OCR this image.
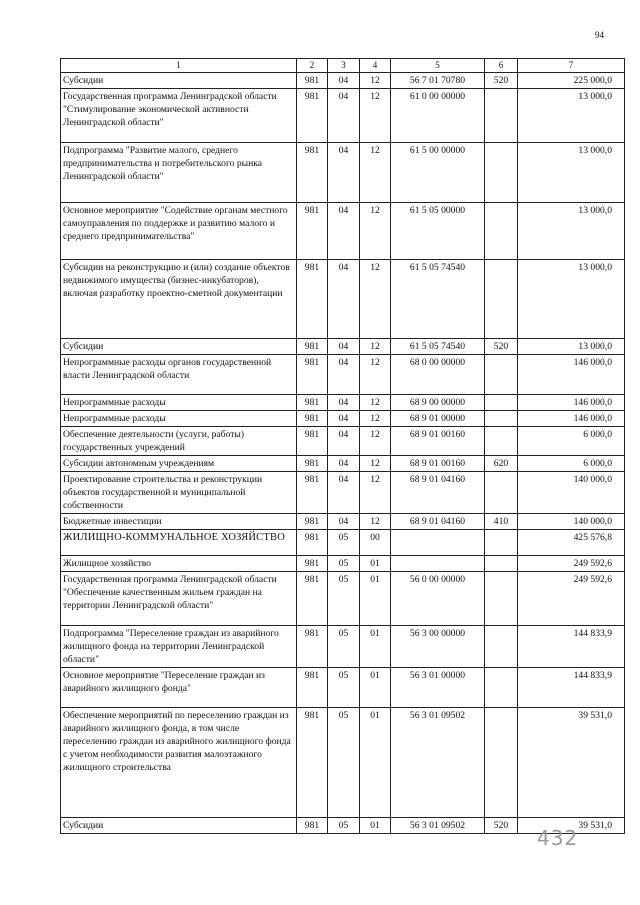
94
1	2	3	4	5	6	7
Субсидии	981	04	12	56 7 01 70780	520	225 000,0
Государственная программа Ленинградской области "Стимулирование экономической активности Ленинградской области"	981	04	12	61 0 00 00000		13 000,0
Подпрограмма "Развитие малого, среднего предпринимательства и потребительского рынка Ленинградской области"	981	04	12	61 5 00 00000		13 000,0
Основное мероприятие "Содействие органам местного самоуправления по поддержке и развитию малого и среднего предпринимательства"	981	04	12	61 5 05 00000		13 000,0
Субсидии на реконструкцию и (или) создание объектов недвижимого имущества (бизнес-инкубаторов), включая разработку проектно-сметной документации	981	04	12	61 5 05 74540		13 000,0
Субсидии	981	04	12	61 5 05 74540	520	13 000,0
Непрограммные расходы органов государственной власти Ленинградской области	981	04	12	68 0 00 00000		146 000,0
Непрограммные расходы	981	04	12	68 9 00 00000		146 000,0
Непрограммные расходы	981	04	12	68 9 01 00000		146 000,0
Обеспечение деятельности (услуги, работы) государственных учреждений	981	04	12	68 9 01 00160		6 000,0
Субсидии автономным учреждениям	981	04	12	68 9 01 00160	620	6 000,0
Проектирование строительства и реконструкции объектов государственной и муниципальной собственности	981	04	12	68 9 01 04160		140 000,0
Бюджетные инвестиции	981	04	12	68 9 01 04160	410	140 000,0
ЖИЛИЩНО-КОММУНАЛЬНОЕ ХОЗЯЙСТВО	981	05	00			425 576,8
Жилищное хозяйство	981	05	01			249 592,6
Государственная программа Ленинградской области "Обеспечение качественным жильем граждан на территории Ленинградской области"	981	05	01	56 0 00 00000		249 592,6
Подпрограмма "Переселение граждан из аварийного жилищного фонда на территории Ленинградской области"	981	05	01	56 3 00 00000		144 833,9
Основное мероприятие "Переселение граждан из аварийного жилищного фонда"	981	05	01	56 3 01 00000		144 833,9
Обеспечение мероприятий по переселению граждан из аварийного жилищного фонда, в том числе переселению граждан из аварийного жилищного фонда с учетом необходимости развития малоэтажного жилищного строительства	981	05	01	56 3 01 09502		39 531,0
Субсидии	981	05	01	56 3 01 09502	520	39 531,0
432
